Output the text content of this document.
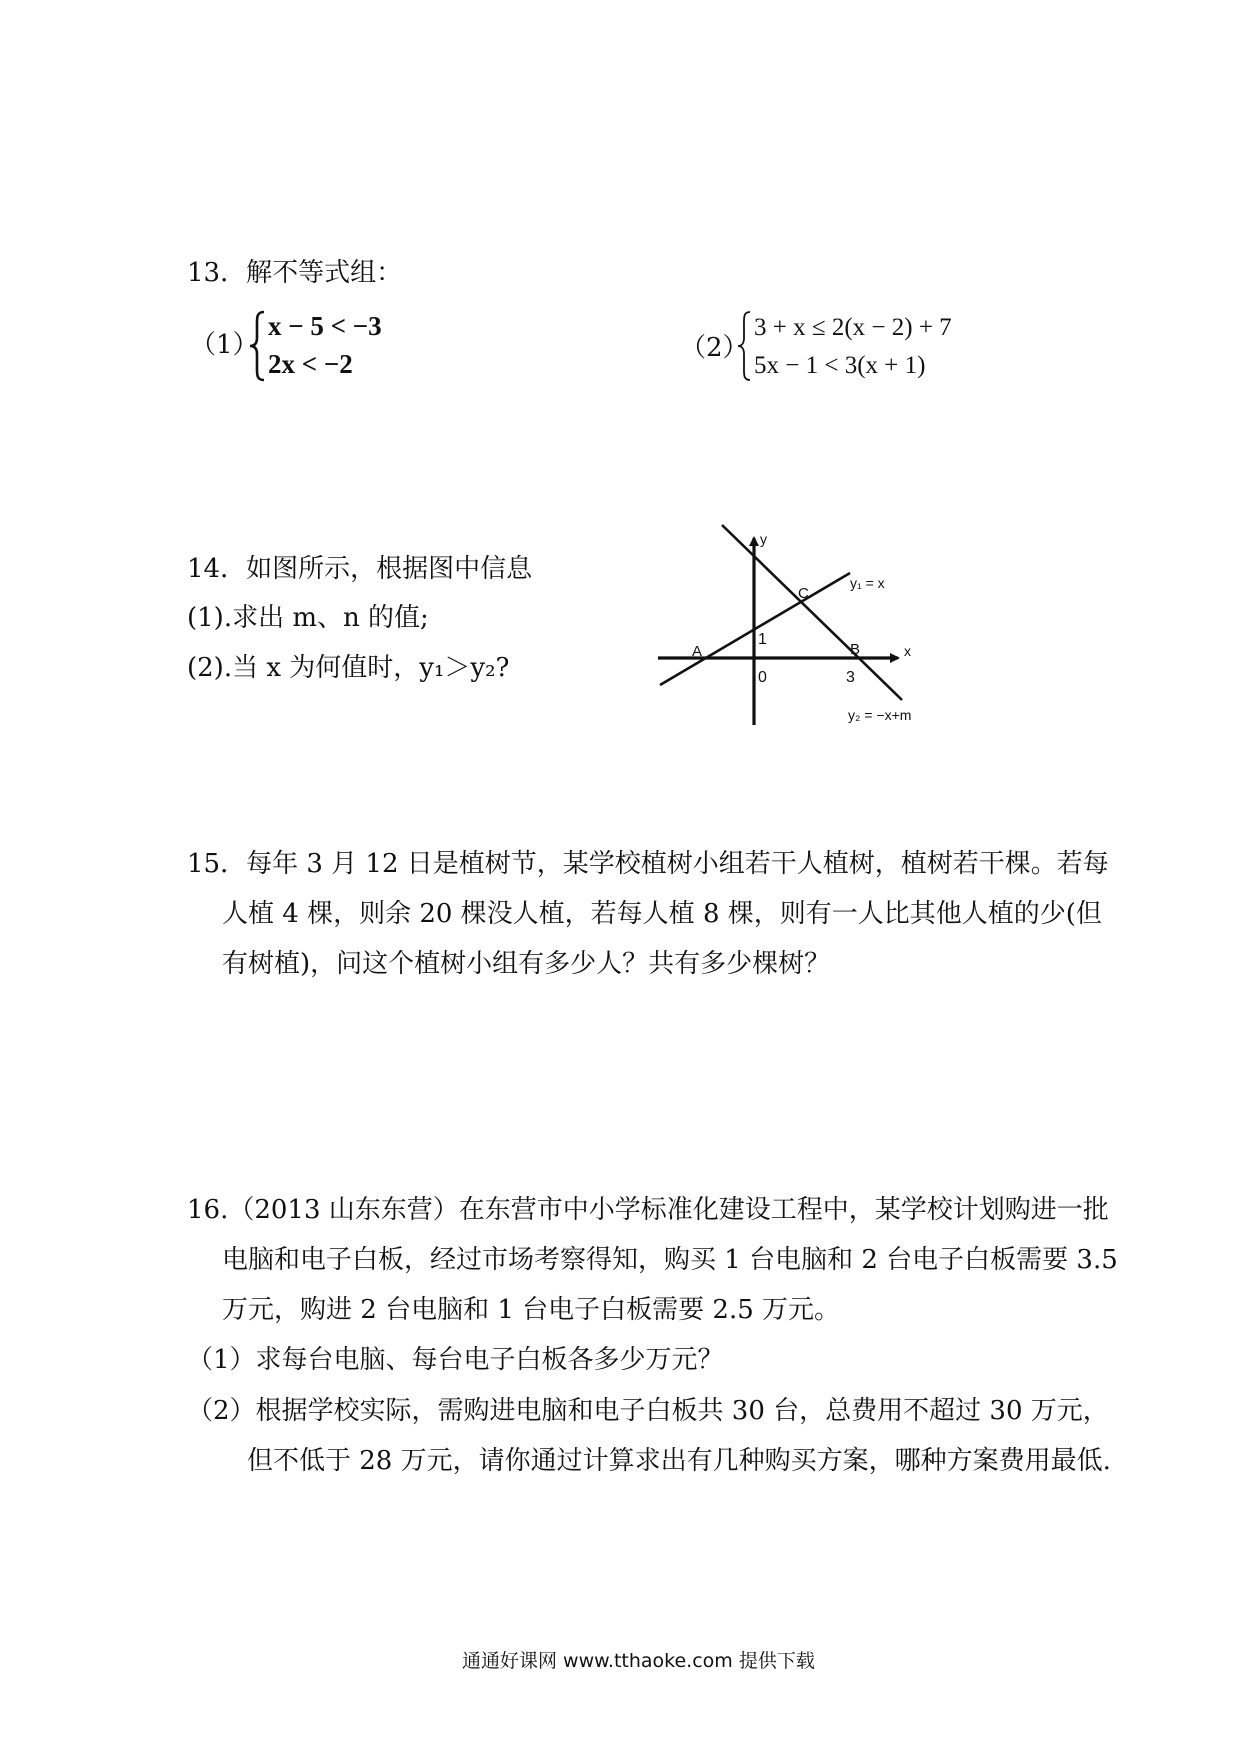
13．解不等式组：
（1）
x − 5 < −3
2x < −2
（2）
3 + x ≤ 2(x − 2) + 7
5x − 1 < 3(x + 1)
14．如图所示，根据图中信息
(1).求出 m、n 的值;
(2).当 x 为何值时，y₁＞y₂?
x
y
0
A	B
C
1
3
y₁ = x
y₂ = −x+m
15．每年 3 月 12 日是植树节，某学校植树小组若干人植树，植树若干棵。若每
人植 4 棵，则余 20 棵没人植，若每人植 8 棵，则有一人比其他人植的少(但
有树植)，问这个植树小组有多少人？共有多少棵树？
16.（2013 山东东营）在东营市中小学标准化建设工程中，某学校计划购进一批
电脑和电子白板，经过市场考察得知，购买 1 台电脑和 2 台电子白板需要 3.5
万元，购进 2 台电脑和 1 台电子白板需要 2.5 万元。
（1）求每台电脑、每台电子白板各多少万元？
（2）根据学校实际，需购进电脑和电子白板共 30 台，总费用不超过 30 万元，
但不低于 28 万元，请你通过计算求出有几种购买方案，哪种方案费用最低.
通通好课网 www.tthaoke.com 提供下载
